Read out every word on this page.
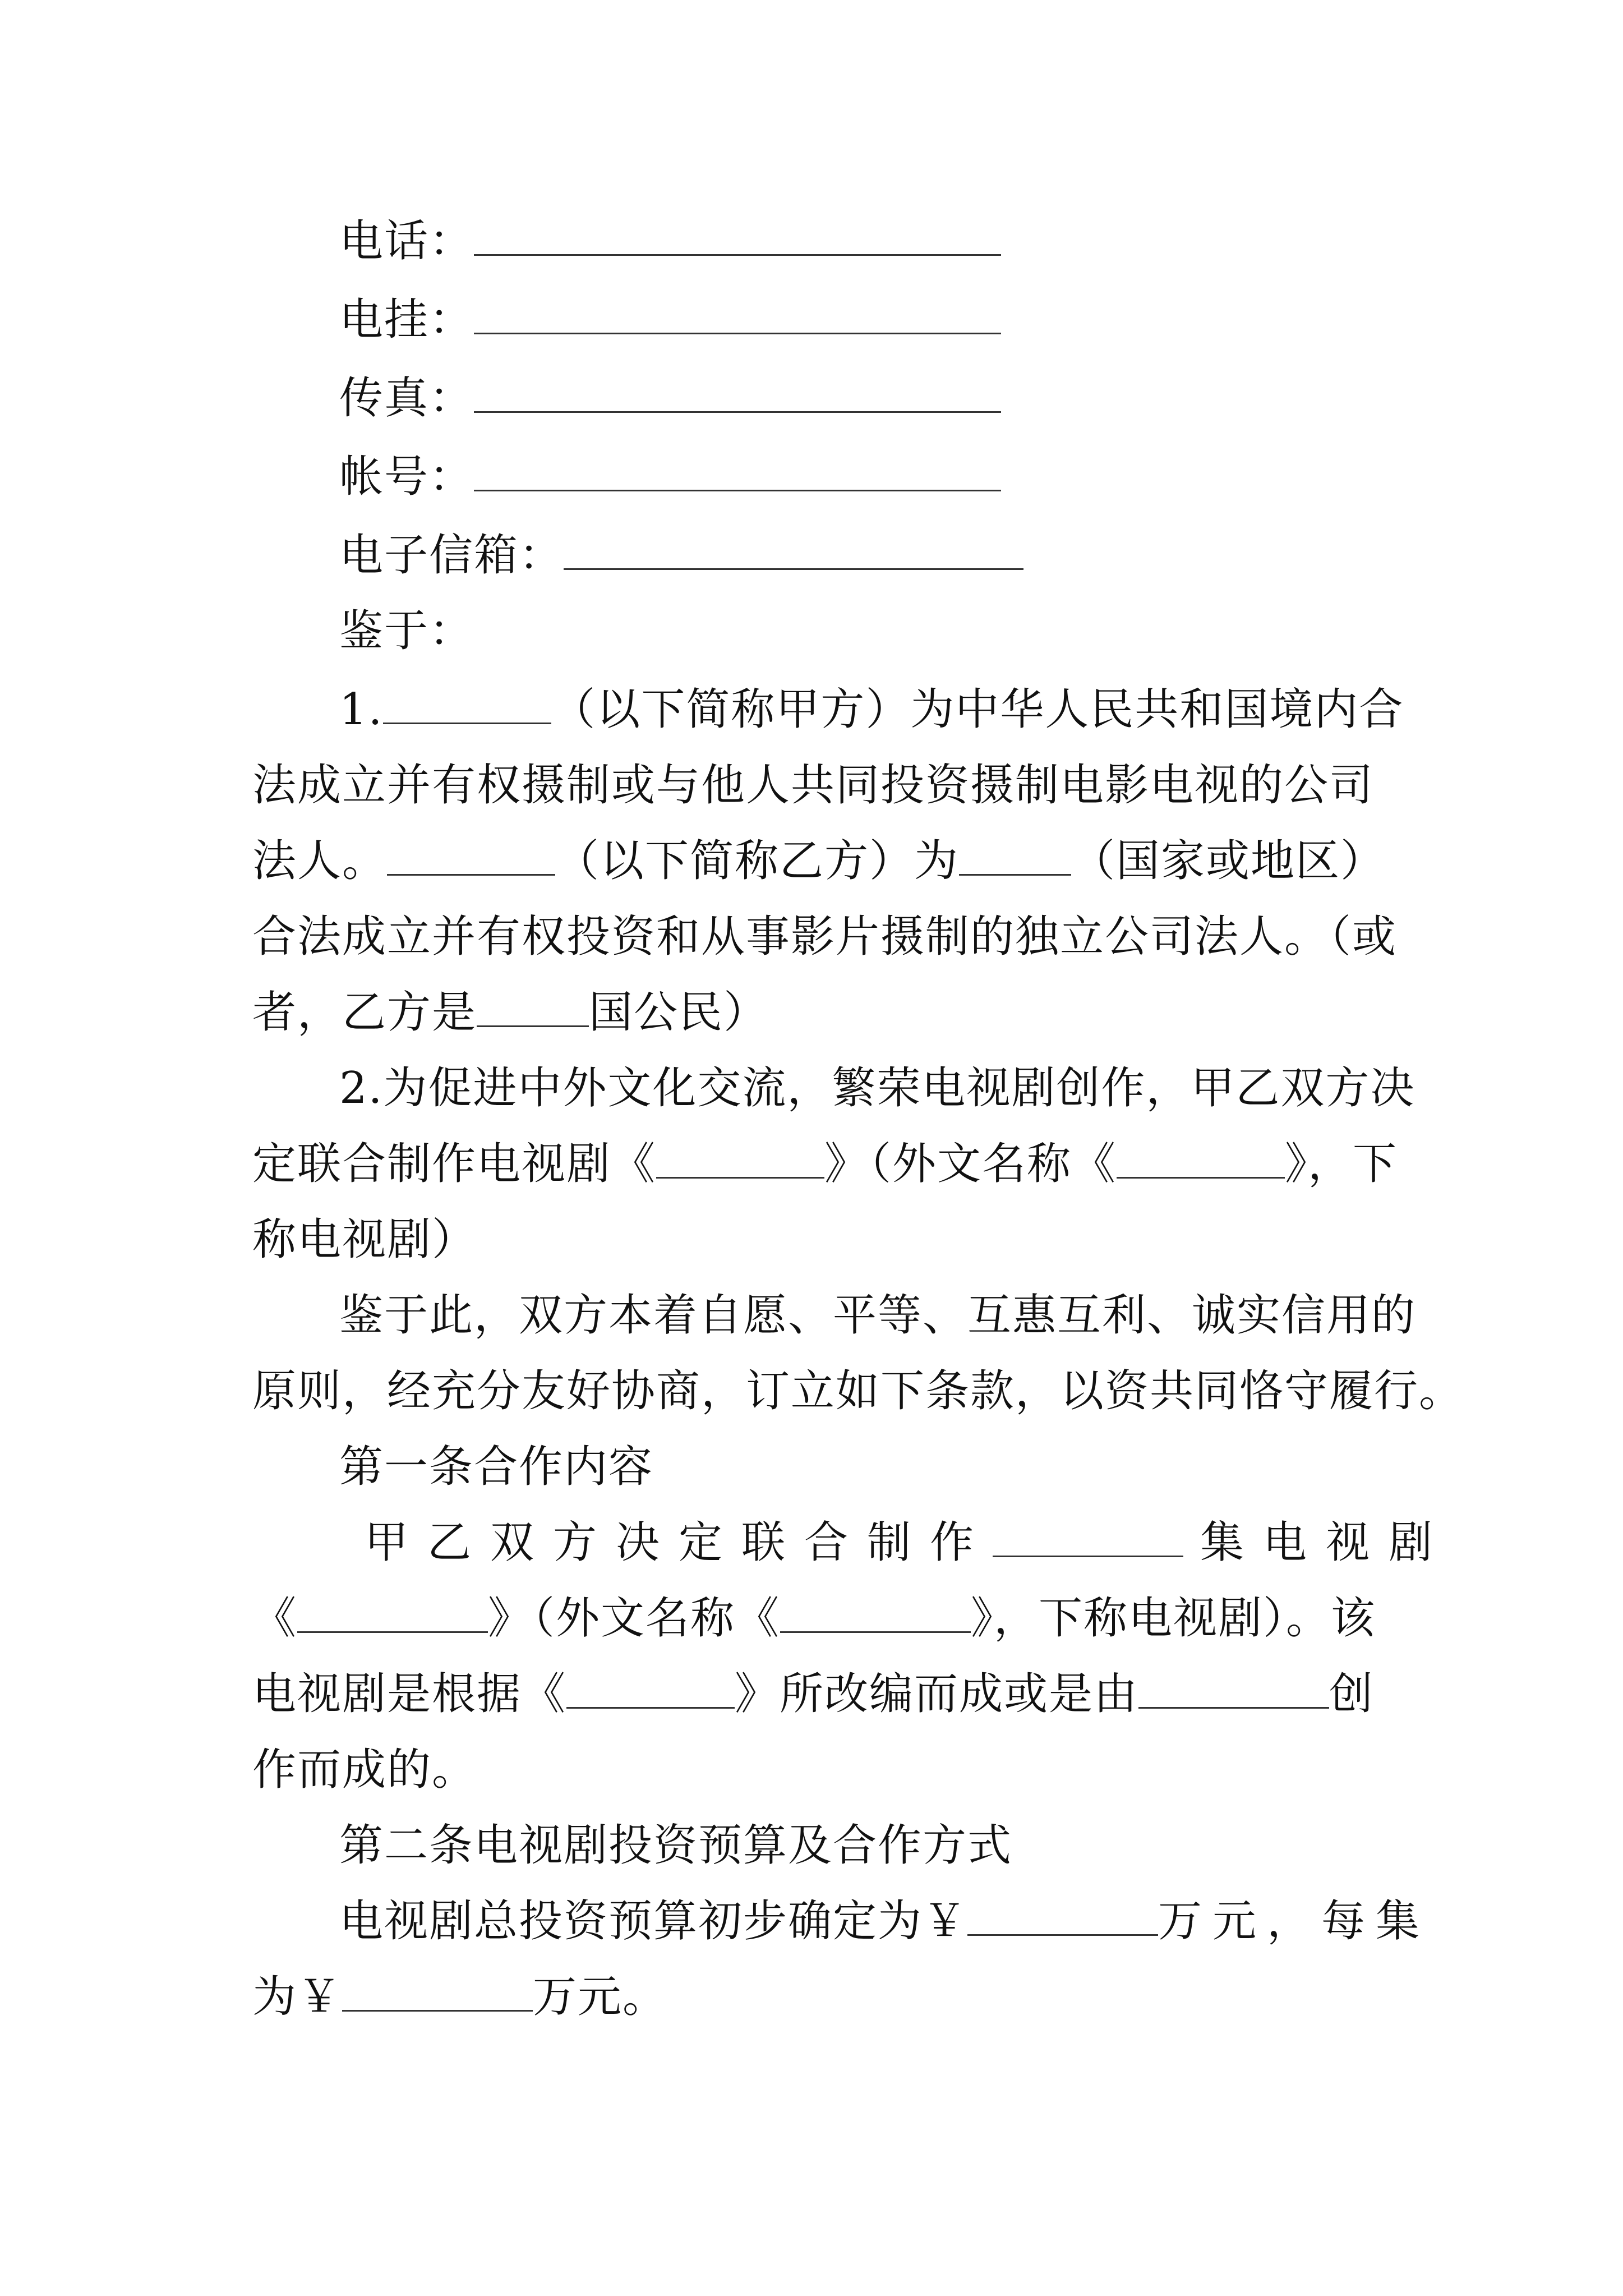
电话：
电挂：
传真：
帐号：
电子信箱：
鉴于：
1.	（以下简称甲方）为中华人民共和国境内合
法成立并有权摄制或与他人共同投资摄制电影电视的公司
法人。	（以下简称乙方）为	（国家或地区）
合法成立并有权投资和从事影片摄制的独立公司法人。（或
者，乙方是	国公民）
2.为促进中外文化交流，繁荣电视剧创作，甲乙双方决
定联合制作电视剧《	》（外文名称《	》，下
称电视剧）
鉴于此，双方本着自愿、平等、互惠互利、诚实信用的
原则，经充分友好协商，订立如下条款，以资共同恪守履行。
第一条合作内容
甲乙双方决定联合制作	集电视剧
《	》（外文名称《	》，下称电视剧）。该
电视剧是根据《	》所改编而成或是由	创
作而成的。
第二条电视剧投资预算及合作方式
电视剧总投资预算初步确定为￥	万元，每集
为￥	万元。
